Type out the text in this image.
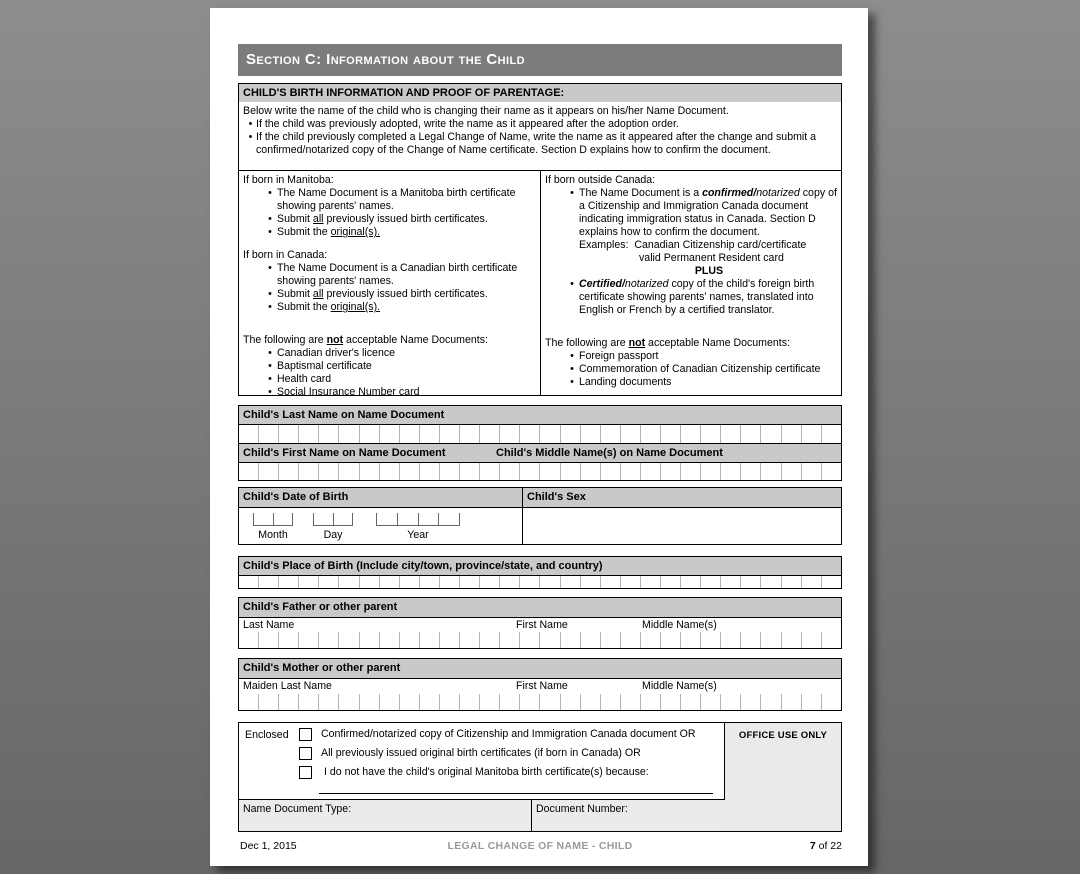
Section C: Information about the Child
CHILD'S BIRTH INFORMATION AND PROOF OF PARENTAGE:
Below write the name of the child who is changing their name as it appears on his/her Name Document.
• If the child was previously adopted, write the name as it appeared after the adoption order.
• If the child previously completed a Legal Change of Name, write the name as it appeared after the change and submit a confirmed/notarized copy of the Change of Name certificate. Section D explains how to confirm the document.
If born in Manitoba:
• The Name Document is a Manitoba birth certificate showing parents' names.
• Submit all previously issued birth certificates.
• Submit the original(s).
If born in Canada:
• The Name Document is a Canadian birth certificate showing parents' names.
• Submit all previously issued birth certificates.
• Submit the original(s).
The following are not acceptable Name Documents:
• Canadian driver's licence
• Baptismal certificate
• Health card
• Social Insurance Number card
If born outside Canada:
• The Name Document is a confirmed/notarized copy of a Citizenship and Immigration Canada document indicating immigration status in Canada. Section D explains how to confirm the document.
Examples:  Canadian Citizenship card/certificate
valid Permanent Resident card
PLUS
• Certified/notarized copy of the child's foreign birth certificate showing parents' names, translated into English or French by a certified translator.
The following are not acceptable Name Documents:
• Foreign passport
• Commemoration of Canadian Citizenship certificate
• Landing documents
Child's Last Name on Name Document
Child's First Name on Name Document	Child's Middle Name(s) on Name Document
Child's Date of Birth
Month	Day	Year
Child's Sex
Child's Place of Birth (Include city/town, province/state, and country)
Child's Father or other parent
Last Name	First Name	Middle Name(s)
Child's Mother or other parent
Maiden Last Name	First Name	Middle Name(s)
Enclosed	Confirmed/notarized copy of Citizenship and Immigration Canada document OR
All previously issued original birth certificates (if born in Canada) OR
I do not have the child's original Manitoba birth certificate(s) because:
Name Document Type:	Document Number:
OFFICE USE ONLY
LEGAL CHANGE OF NAME - CHILD
Dec 1, 2015	7 of 22
